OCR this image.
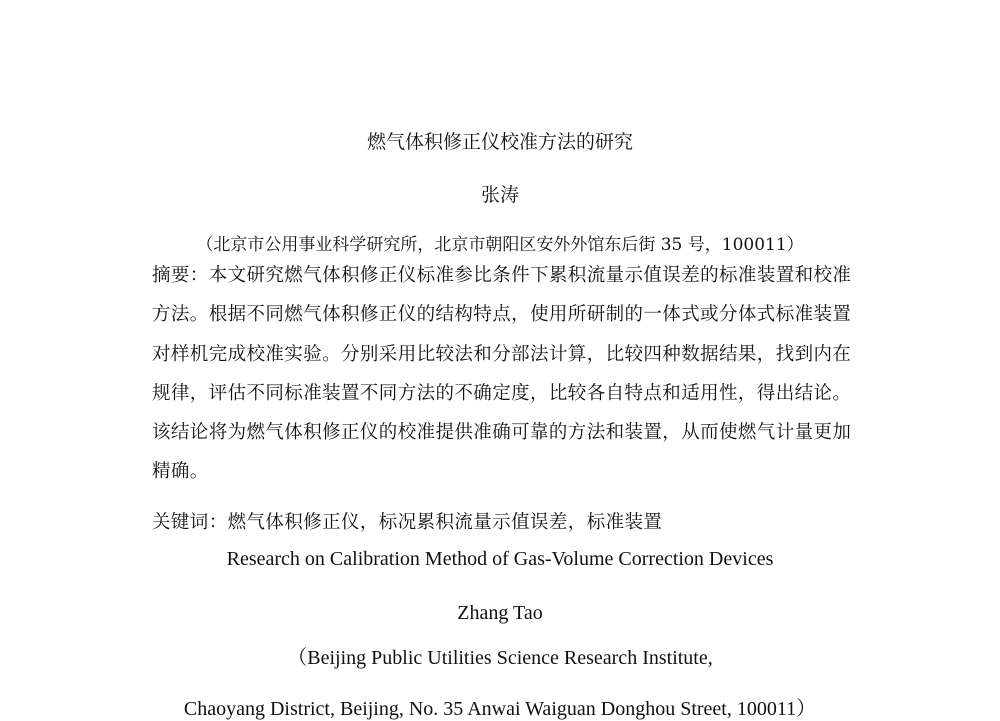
燃气体积修正仪校准方法的研究
张涛
（北京市公用事业科学研究所，北京市朝阳区安外外馆东后街 35 号，100011）
摘要：本文研究燃气体积修正仪标准参比条件下累积流量示值误差的标准装置和校准
方法。根据不同燃气体积修正仪的结构特点，使用所研制的一体式或分体式标准装置
对样机完成校准实验。分别采用比较法和分部法计算，比较四种数据结果，找到内在
规律，评估不同标准装置不同方法的不确定度，比较各自特点和适用性，得出结论。
该结论将为燃气体积修正仪的校准提供准确可靠的方法和装置，从而使燃气计量更加
精确。
关键词：燃气体积修正仪，标况累积流量示值误差，标准装置
Research on Calibration Method of Gas-Volume Correction Devices
Zhang Tao
（Beijing Public Utilities Science Research Institute,
Chaoyang District, Beijing, No. 35 Anwai Waiguan Donghou Street, 100011）
